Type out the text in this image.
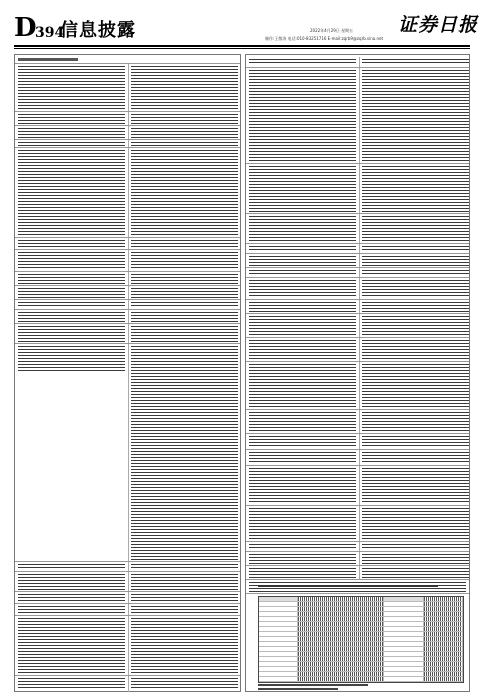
D
394
信息披露	2022年4月29日 星期五
制作:王敬涛 电话:010-83251716 E-mail:zqrb9@zqrb.sina.net
证券日报
